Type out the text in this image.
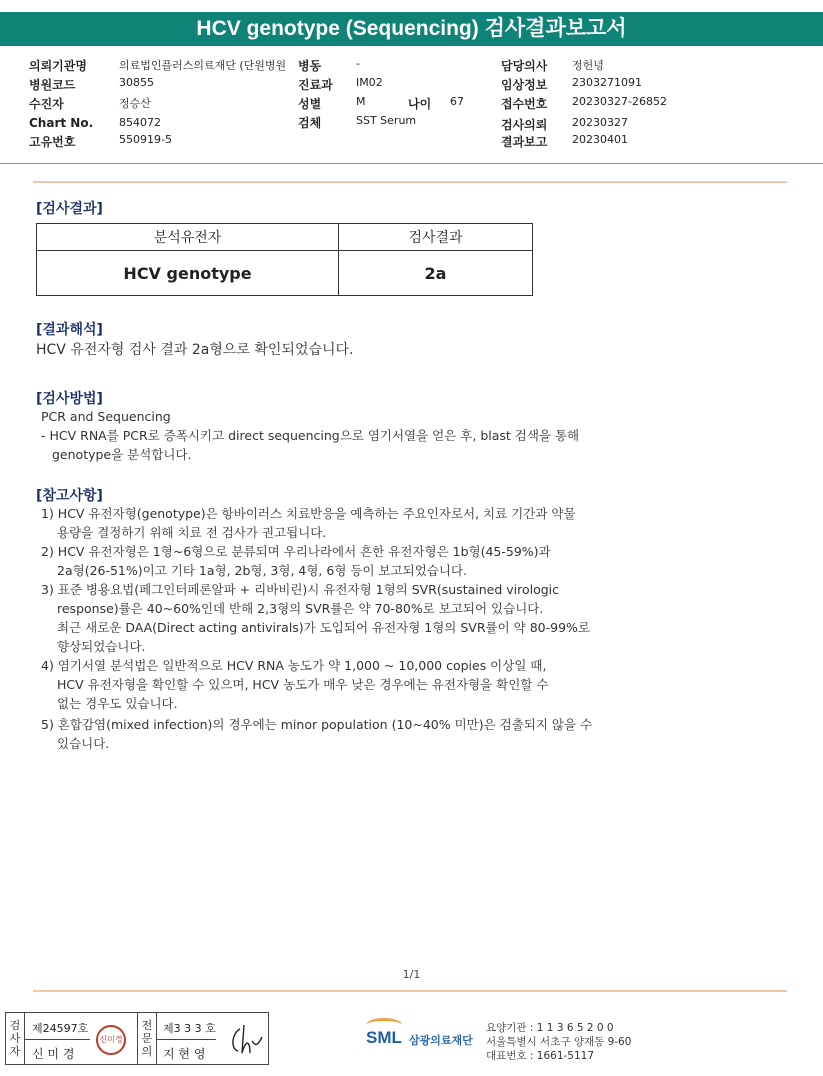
HCV genotype (Sequencing) 검사결과보고서
의뢰기관명	의료법인플러스의료재단 (단원병원 병동	-	담당의사 정헌녕
병원코드	30855	진료과 IM02	임상정보 2303271091
수진자	정승산	성별	M	나이 67	접수번호 20230327-26852
Chart No. 854072	검체	SST Serum	검사의뢰 20230327
고유번호	550919-5	결과보고 20230401
[검사결과]
분석유전자	검사결과
HCV genotype	2a
[결과해석]
HCV 유전자형 검사 결과 2a형으로 확인되었습니다.
[검사방법]
PCR and Sequencing
- HCV RNA를 PCR로 증폭시키고 direct sequencing으로 염기서열을 얻은 후, blast 검색을 통해
genotype을 분석합니다.
[참고사항]
1) HCV 유전자형(genotype)은 항바이러스 치료반응을 예측하는 주요인자로서, 치료 기간과 약물
용량을 결정하기 위해 치료 전 검사가 권고됩니다.
2) HCV 유전자형은 1형~6형으로 분류되며 우리나라에서 흔한 유전자형은 1b형(45-59%)과
2a형(26-51%)이고 기타 1a형, 2b형, 3형, 4형, 6형 등이 보고되었습니다.
3) 표준 병용요법(페그인터페론알파 + 리바비린)시 유전자형 1형의 SVR(sustained virologic
response)률은 40~60%인데 반해 2,3형의 SVR률은 약 70-80%로 보고되어 있습니다.
최근 새로운 DAA(Direct acting antivirals)가 도입되어 유전자형 1형의 SVR률이 약 80-99%로
향상되었습니다.
4) 염기서열 분석법은 일반적으로 HCV RNA 농도가 약 1,000 ~ 10,000 copies 이상일 때,
HCV 유전자형을 확인할 수 있으며, HCV 농도가 매우 낮은 경우에는 유전자형을 확인할 수
없는 경우도 있습니다.
5) 혼합감염(mixed infection)의 경우에는 minor population (10~40% 미만)은 검출되지 않을 수
있습니다.
1/1
검사자
제24597호
신 미 경
신미경
전문의
제3 3 3 호
지 현 영
SML 삼광의료재단
요양기관 : 1 1 3 6 5 2 0 0
서울특별시 서초구 양재동 9-60
대표번호 : 1661-5117
